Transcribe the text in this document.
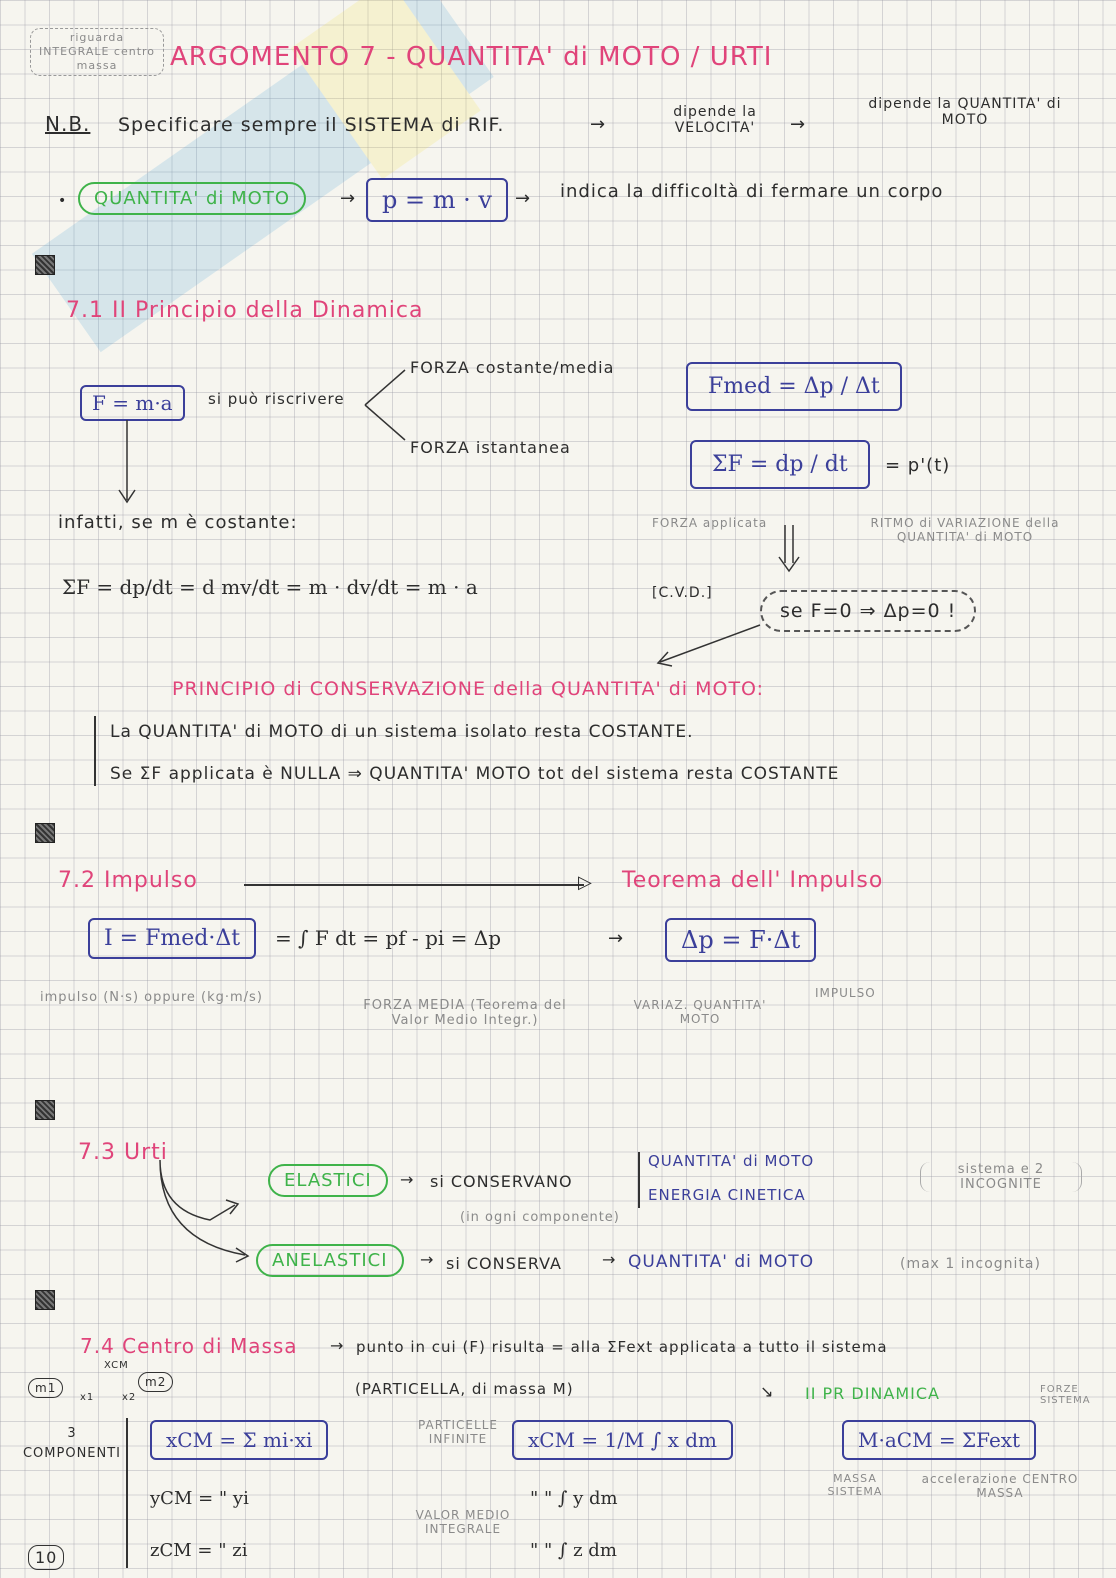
riguarda INTEGRALE centro massa	ARGOMENTO 7 - QUANTITA' di MOTO / URTI
N.B. Specificare sempre il SISTEMA di RIF.	→
dipende la VELOCITA'	→
dipende la QUANTITA' di MOTO
•	QUANTITA' di MOTO	→	p = m · v	→ indica la difficoltà di fermare un corpo
7.1 II Principio della Dinamica
F = m·a	si può riscrivere
FORZA costante/media
FORZA istantanea
Fmed = Δp / Δt
ΣF = dp / dt	= p'(t)
FORZA applicata	RITMO di VARIAZIONE della QUANTITA' di MOTO
infatti, se m è costante:
ΣF = dp/dt = d mv/dt = m · dv/dt = m · a	[C.V.D.]
se F=0 ⇒ Δp=0 !
PRINCIPIO di CONSERVAZIONE della QUANTITA' di MOTO:
La QUANTITA' di MOTO di un sistema isolato resta COSTANTE.
Se ΣF applicata è NULLA ⇒ QUANTITA' MOTO tot del sistema resta COSTANTE
7.2 Impulso	▷ Teorema dell' Impulso
I = Fmed·Δt	= ∫ F dt = pf - pi = Δp	→	Δp = F·Δt
impulso (N·s) oppure (kg·m/s)
FORZA MEDIA (Teorema del Valor Medio Integr.)
VARIAZ. QUANTITA' MOTO
IMPULSO
7.3 Urti
ELASTICI	→ si CONSERVANO
QUANTITA' di MOTO
ENERGIA CINETICA
sistema e 2 INCOGNITE
(in ogni componente)
ANELASTICI	→ si CONSERVA	→ QUANTITA' di MOTO	(max 1 incognita)
7.4 Centro di Massa → punto in cui (F) risulta = alla ΣFext applicata a tutto il sistema
(PARTICELLA, di massa M)	↘ II PR DINAMICA	FORZE SISTEMA
m1	m2
XCM
x1	x2
3 COMPONENTI
xCM = Σ mi·xi
PARTICELLE INFINITE	xCM = 1/M ∫ x dm	M·aCM = ΣFext
MASSA SISTEMA
accelerazione CENTRO MASSA
yCM = " yi
zCM = " zi
" " ∫ y dm
" " ∫ z dm
VALOR MEDIO INTEGRALE
10
